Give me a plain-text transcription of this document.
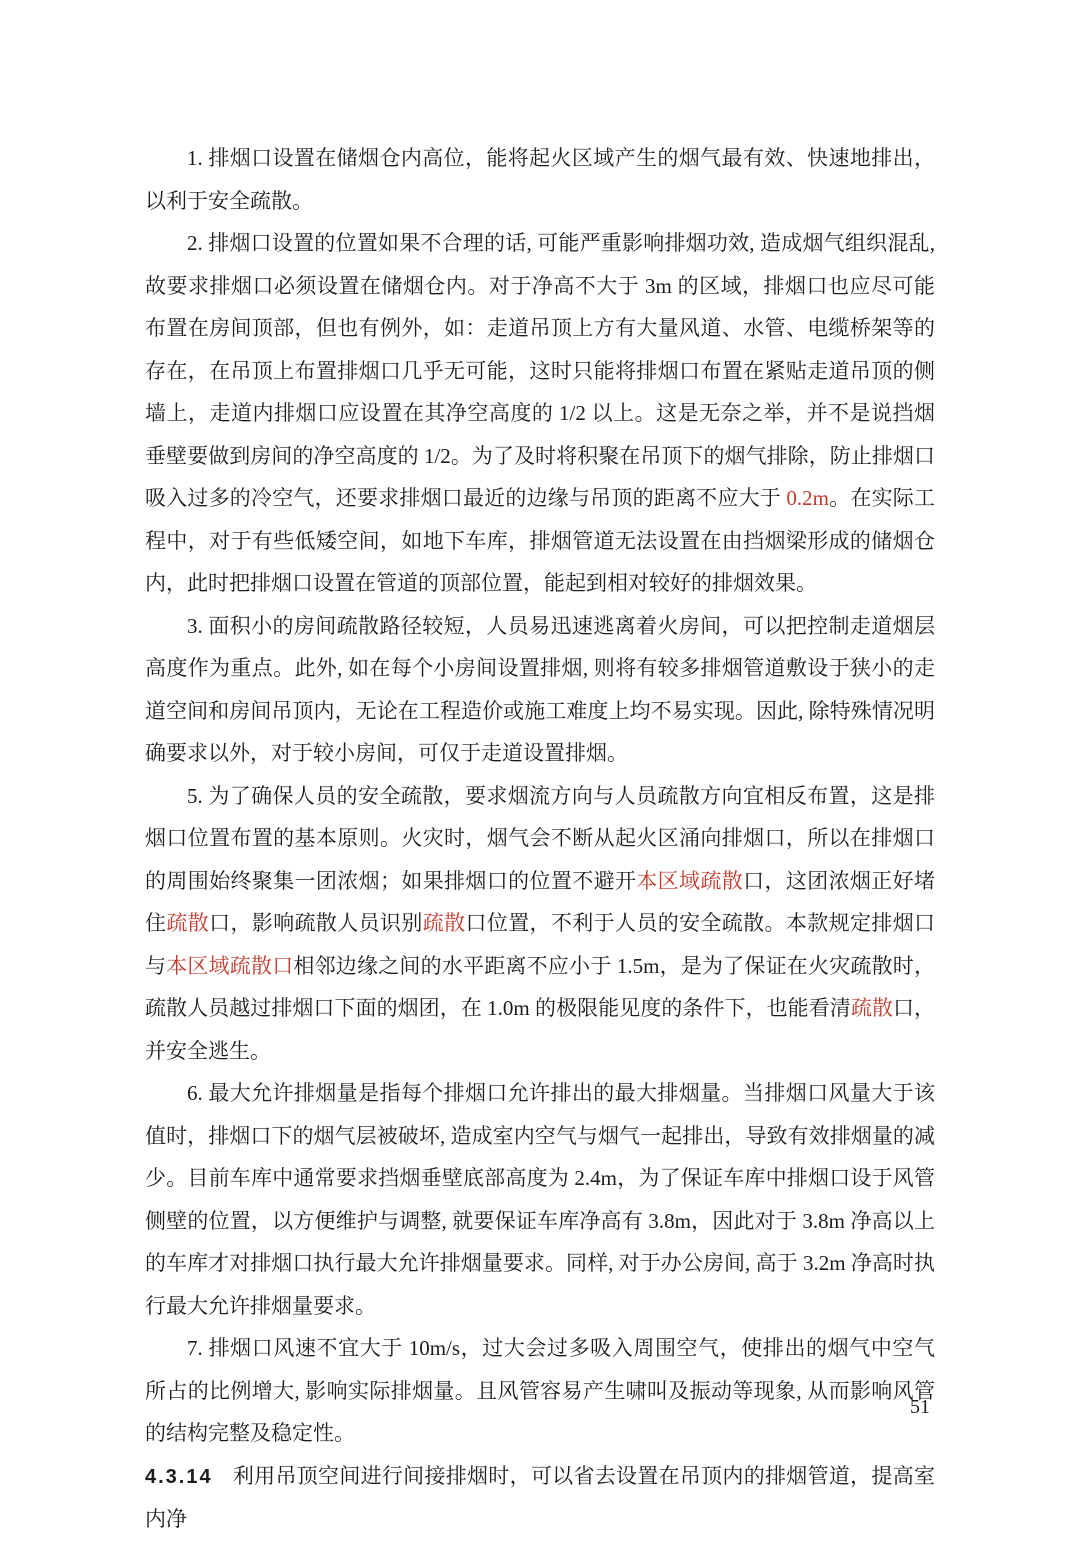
1. 排烟口设置在储烟仓内高位，能将起火区域产生的烟气最有效、快速地排出，以利于安全疏散。

2. 排烟口设置的位置如果不合理的话, 可能严重影响排烟功效, 造成烟气组织混乱, 故要求排烟口必须设置在储烟仓内。对于净高不大于 3m 的区域，排烟口也应尽可能布置在房间顶部，但也有例外，如：走道吊顶上方有大量风道、水管、电缆桥架等的存在，在吊顶上布置排烟口几乎无可能，这时只能将排烟口布置在紧贴走道吊顶的侧墙上，走道内排烟口应设置在其净空高度的 1/2 以上。这是无奈之举，并不是说挡烟垂壁要做到房间的净空高度的 1/2。为了及时将积聚在吊顶下的烟气排除，防止排烟口吸入过多的冷空气，还要求排烟口最近的边缘与吊顶的距离不应大于 0.2m。在实际工程中，对于有些低矮空间，如地下车库，排烟管道无法设置在由挡烟梁形成的储烟仓内，此时把排烟口设置在管道的顶部位置，能起到相对较好的排烟效果。

3. 面积小的房间疏散路径较短，人员易迅速逃离着火房间，可以把控制走道烟层高度作为重点。此外, 如在每个小房间设置排烟, 则将有较多排烟管道敷设于狭小的走道空间和房间吊顶内，无论在工程造价或施工难度上均不易实现。因此, 除特殊情况明确要求以外，对于较小房间，可仅于走道设置排烟。

5. 为了确保人员的安全疏散，要求烟流方向与人员疏散方向宜相反布置，这是排烟口位置布置的基本原则。火灾时，烟气会不断从起火区涌向排烟口，所以在排烟口的周围始终聚集一团浓烟；如果排烟口的位置不避开本区域疏散口，这团浓烟正好堵住疏散口，影响疏散人员识别疏散口位置，不利于人员的安全疏散。本款规定排烟口与本区域疏散口相邻边缘之间的水平距离不应小于 1.5m，是为了保证在火灾疏散时，疏散人员越过排烟口下面的烟团，在 1.0m 的极限能见度的条件下，也能看清疏散口，并安全逃生。

6. 最大允许排烟量是指每个排烟口允许排出的最大排烟量。当排烟口风量大于该值时，排烟口下的烟气层被破坏, 造成室内空气与烟气一起排出，导致有效排烟量的减少。目前车库中通常要求挡烟垂壁底部高度为 2.4m，为了保证车库中排烟口设于风管侧壁的位置，以方便维护与调整, 就要保证车库净高有 3.8m，因此对于 3.8m 净高以上的车库才对排烟口执行最大允许排烟量要求。同样, 对于办公房间, 高于 3.2m 净高时执行最大允许排烟量要求。

7. 排烟口风速不宜大于 10m/s，过大会过多吸入周围空气，使排出的烟气中空气所占的比例增大, 影响实际排烟量。且风管容易产生啸叫及振动等现象, 从而影响风管的结构完整及稳定性。

4.3.14 利用吊顶空间进行间接排烟时，可以省去设置在吊顶内的排烟管道，提高室内净

51
